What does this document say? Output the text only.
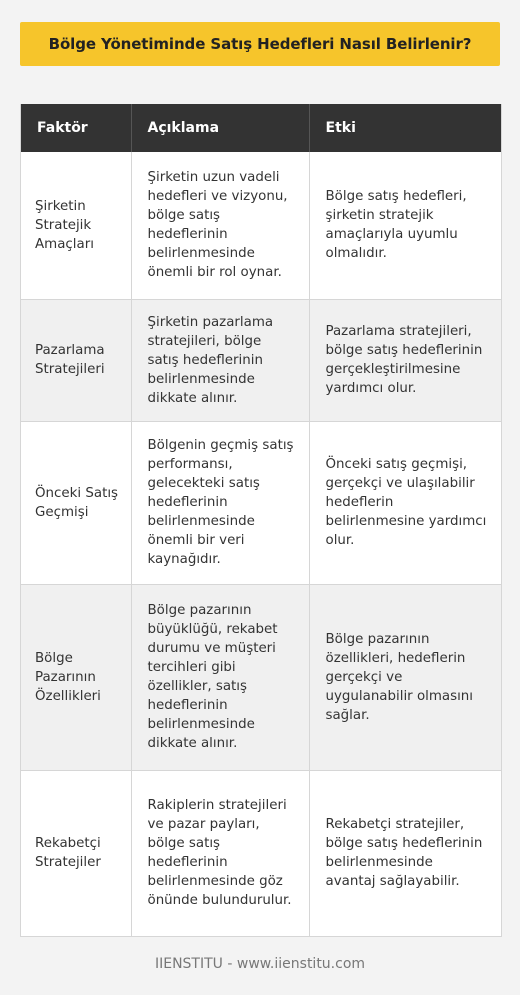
Bölge Yönetiminde Satış Hedefleri Nasıl Belirlenir?
Faktör	Açıklama	Etki
Şirketin Stratejik Amaçları	Şirketin uzun vadeli hedefleri ve vizyonu, bölge satış hedeflerinin belirlenmesinde önemli bir rol oynar.	Bölge satış hedefleri, şirketin stratejik amaçlarıyla uyumlu olmalıdır.
Pazarlama Stratejileri	Şirketin pazarlama stratejileri, bölge satış hedeflerinin belirlenmesinde dikkate alınır.	Pazarlama stratejileri, bölge satış hedeflerinin gerçekleştirilmesine yardımcı olur.
Önceki Satış Geçmişi	Bölgenin geçmiş satış performansı, gelecekteki satış hedeflerinin belirlenmesinde önemli bir veri kaynağıdır.	Önceki satış geçmişi, gerçekçi ve ulaşılabilir hedeflerin belirlenmesine yardımcı olur.
Bölge Pazarının Özellikleri	Bölge pazarının büyüklüğü, rekabet durumu ve müşteri tercihleri gibi özellikler, satış hedeflerinin belirlenmesinde dikkate alınır.	Bölge pazarının özellikleri, hedeflerin gerçekçi ve uygulanabilir olmasını sağlar.
Rekabetçi Stratejiler	Rakiplerin stratejileri ve pazar payları, bölge satış hedeflerinin belirlenmesinde göz önünde bulundurulur.	Rekabetçi stratejiler, bölge satış hedeflerinin belirlenmesinde avantaj sağlayabilir.
IIENSTITU - www.iienstitu.com
